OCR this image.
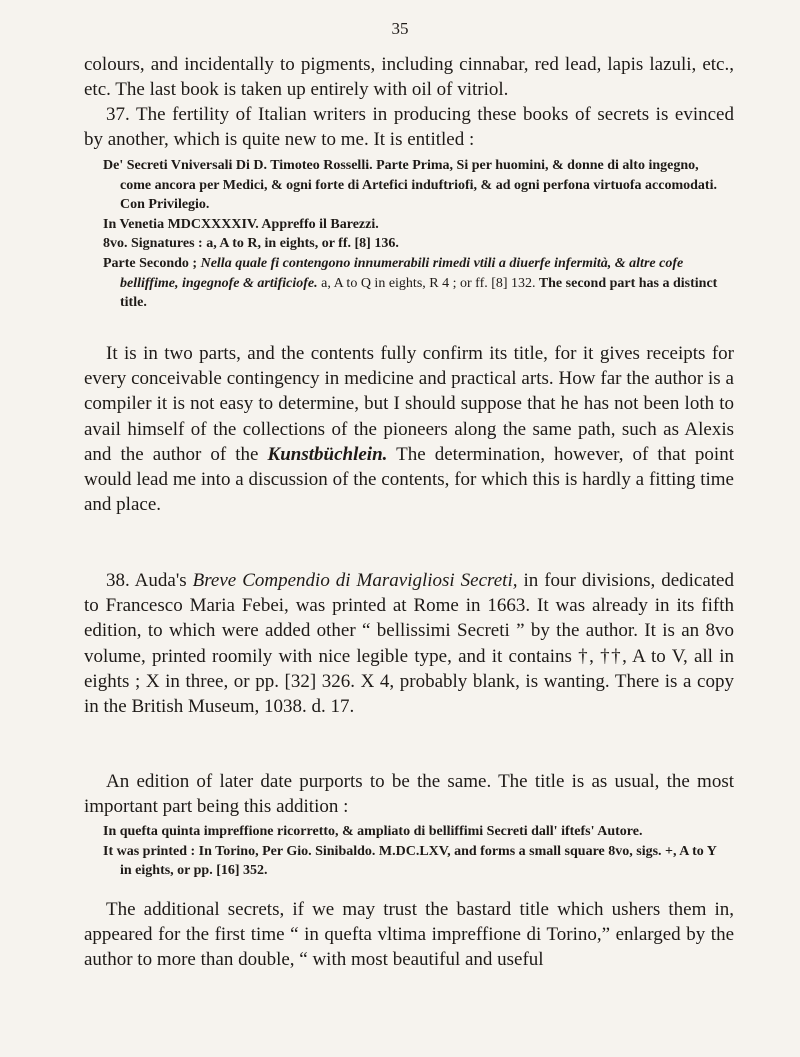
35

colours, and incidentally to pigments, including cinnabar, red lead, lapis lazuli, etc., etc. The last book is taken up entirely with oil of vitriol.

37. The fertility of Italian writers in producing these books of secrets is evinced by another, which is quite new to me. It is entitled :

De' Secreti Vniversali Di D. Timoteo Rosselli. Parte Prima, Si per huomini, & donne di alto ingegno, come ancora per Medici, & ogni forte di Artefici induftriofi, & ad ogni perfona virtuofa accomodati. Con Privilegio.

In Venetia MDCXXXXIV. Appreffo il Barezzi.

8vo. Signatures : a, A to R, in eights, or ff. [8] 136.

Parte Secondo ; Nella quale fi contengono innumerabili rimedi vtili a diuerfe infermità, & altre cofe belliffime, ingegnofe & artificiofe. a, A to Q in eights, R 4 ; or ff. [8] 132. The second part has a distinct title.

It is in two parts, and the contents fully confirm its title, for it gives receipts for every conceivable contingency in medicine and practical arts. How far the author is a compiler it is not easy to determine, but I should suppose that he has not been loth to avail himself of the collections of the pioneers along the same path, such as Alexis and the author of the Kunstbüchlein. The determination, however, of that point would lead me into a discussion of the contents, for which this is hardly a fitting time and place.

38. Auda's Breve Compendio di Maravigliosi Secreti, in four divisions, dedicated to Francesco Maria Febei, was printed at Rome in 1663. It was already in its fifth edition, to which were added other “ bellissimi Secreti ” by the author. It is an 8vo volume, printed roomily with nice legible type, and it contains †, ††, A to V, all in eights ; X in three, or pp. [32] 326. X 4, probably blank, is wanting. There is a copy in the British Museum, 1038. d. 17.

An edition of later date purports to be the same. The title is as usual, the most important part being this addition :

In quefta quinta impreffione ricorretto, & ampliato di belliffimi Secreti dall' iftefs' Autore.

It was printed : In Torino, Per Gio. Sinibaldo. M.DC.LXV, and forms a small square 8vo, sigs. +, A to Y in eights, or pp. [16] 352.

The additional secrets, if we may trust the bastard title which ushers them in, appeared for the first time “ in quefta vltima impreffione di Torino,” enlarged by the author to more than double, “ with most beautiful and useful
